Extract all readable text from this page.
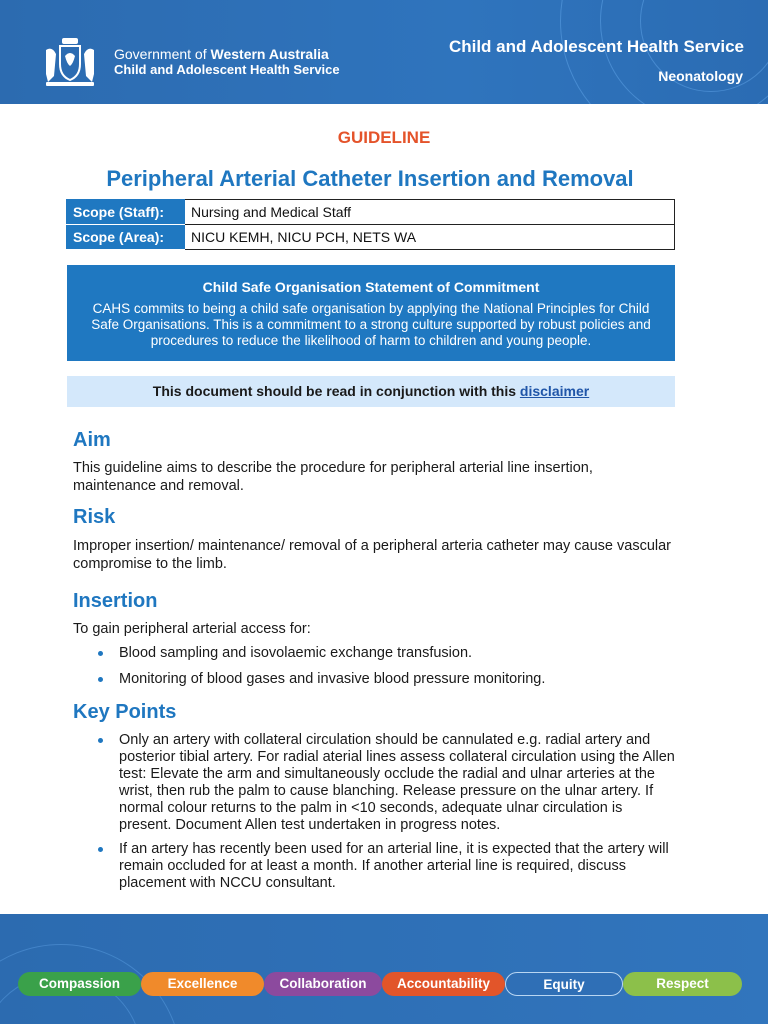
Government of Western Australia
Child and Adolescent Health Service
Child and Adolescent Health Service
Neonatology
GUIDELINE
Peripheral Arterial Catheter Insertion and Removal
Scope (Staff):	Nursing and Medical Staff
Scope (Area):	NICU KEMH, NICU PCH, NETS WA
Child Safe Organisation Statement of Commitment
CAHS commits to being a child safe organisation by applying the National Principles for Child Safe Organisations. This is a commitment to a strong culture supported by robust policies and procedures to reduce the likelihood of harm to children and young people.
This document should be read in conjunction with this disclaimer
Aim
This guideline aims to describe the procedure for peripheral arterial line insertion, maintenance and removal.
Risk
Improper insertion/ maintenance/ removal of a peripheral arteria catheter may cause vascular compromise to the limb.
Insertion
To gain peripheral arterial access for:
Blood sampling and isovolaemic exchange transfusion.
Monitoring of blood gases and invasive blood pressure monitoring.
Key Points
Only an artery with collateral circulation should be cannulated e.g. radial artery and posterior tibial artery. For radial aterial lines assess collateral circulation using the Allen test: Elevate the arm and simultaneously occlude the radial and ulnar arteries at the wrist, then rub the palm to cause blanching. Release pressure on the ulnar artery. If normal colour returns to the palm in <10 seconds, adequate ulnar circulation is present. Document Allen test undertaken in progress notes.
If an artery has recently been used for an arterial line, it is expected that the artery will remain occluded for at least a month. If another arterial line is required, discuss placement with NCCU consultant.
Compassion	Excellence	Collaboration	Accountability	Equity	Respect
